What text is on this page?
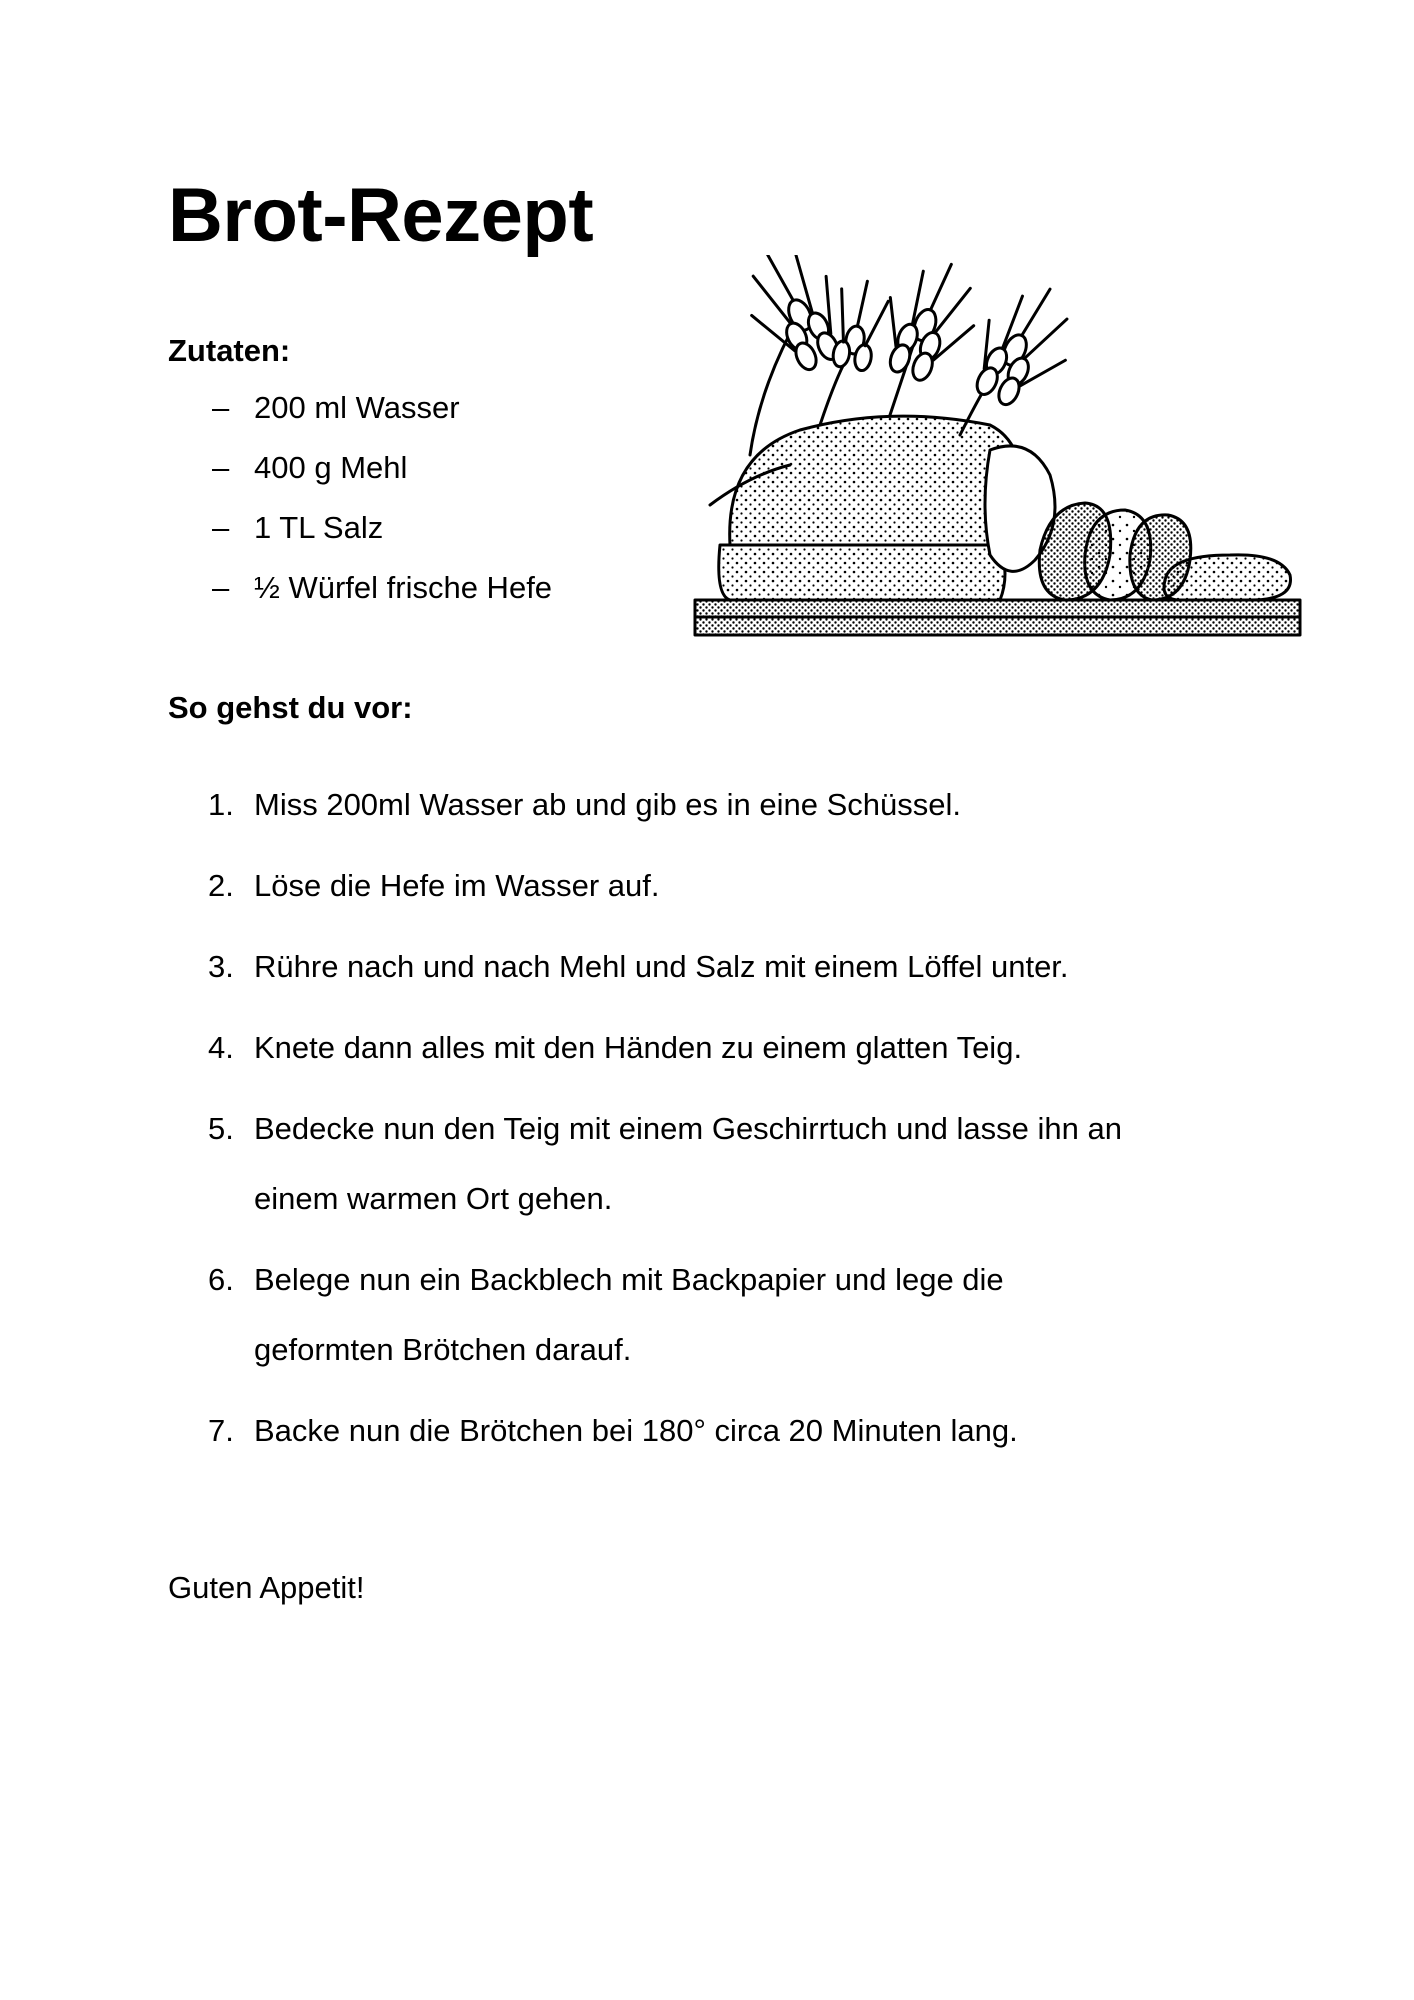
Brot-Rezept
Zutaten:
– 200 ml Wasser
– 400 g Mehl
– 1 TL Salz
– ½ Würfel frische Hefe
So gehst du vor:
1. Miss 200ml Wasser ab und gib es in eine Schüssel.
2. Löse die Hefe im Wasser auf.
3. Rühre nach und nach Mehl und Salz mit einem Löffel unter.
4. Knete dann alles mit den Händen zu einem glatten Teig.
5. Bedecke nun den Teig mit einem Geschirrtuch und lasse ihn an einem warmen Ort gehen.
6. Belege nun ein Backblech mit Backpapier und lege die geformten Brötchen darauf.
7. Backe nun die Brötchen bei 180° circa 20 Minuten lang.

Guten Appetit!
